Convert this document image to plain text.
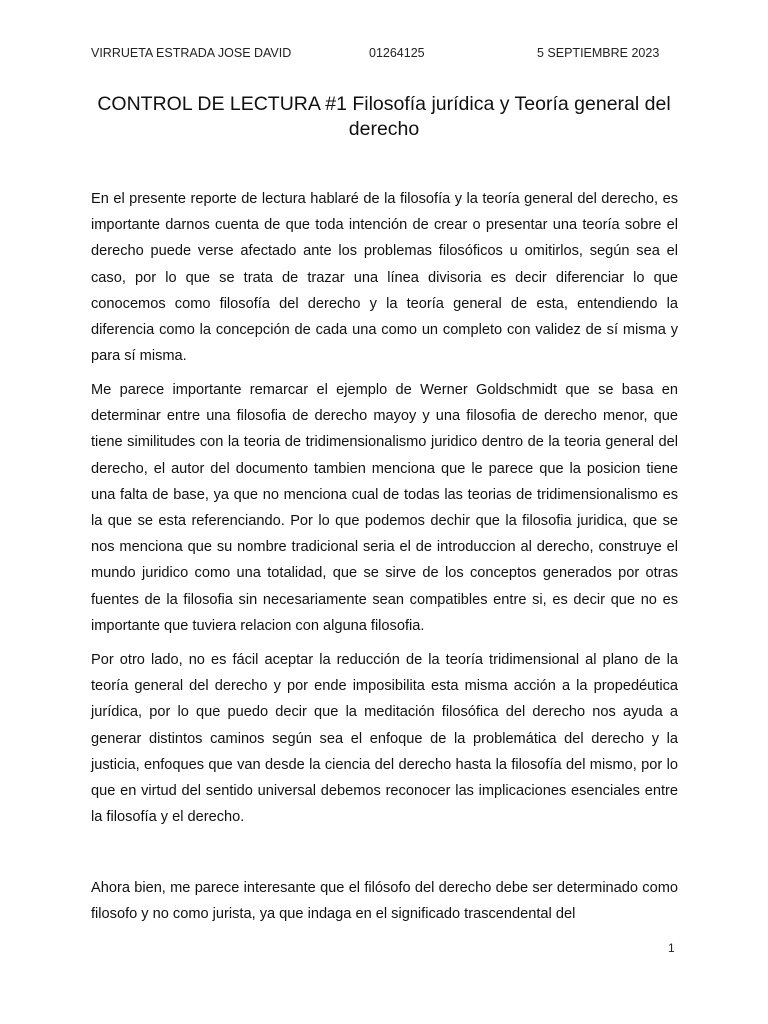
VIRRUETA ESTRADA JOSE DAVID	01264125	5 SEPTIEMBRE 2023
CONTROL DE LECTURA #1 Filosofía jurídica y Teoría general del derecho

En el presente reporte de lectura hablaré de la filosofía y la teoría general del derecho, es importante darnos cuenta de que toda intención de crear o presentar una teoría sobre el derecho puede verse afectado ante los problemas filosóficos u omitirlos, según sea el caso, por lo que se trata de trazar una línea divisoria es decir diferenciar lo que conocemos como filosofía del derecho y la teoría general de esta, entendiendo la diferencia como la concepción de cada una como un completo con validez de sí misma y para sí misma.

Me parece importante remarcar el ejemplo de Werner Goldschmidt que se basa en determinar entre una filosofia de derecho mayoy y una filosofia de derecho menor, que tiene similitudes con la teoria de tridimensionalismo juridico dentro de la teoria general del derecho, el autor del documento tambien menciona que le parece que la posicion tiene una falta de base, ya que no menciona cual de todas las teorias de tridimensionalismo es la que se esta referenciando. Por lo que podemos dechir que la filosofia juridica, que se nos menciona que su nombre tradicional seria el de introduccion al derecho, construye el mundo juridico como una totalidad, que se sirve de los conceptos generados por otras fuentes de la filosofia sin necesariamente sean compatibles entre si, es decir que no es importante que tuviera relacion con alguna filosofia.

Por otro lado, no es fácil aceptar la reducción de la teoría tridimensional al plano de la teoría general del derecho y por ende imposibilita esta misma acción a la propedéutica jurídica, por lo que puedo decir que la meditación filosófica del derecho nos ayuda a generar distintos caminos según sea el enfoque de la problemática del derecho y la justicia, enfoques que van desde la ciencia del derecho hasta la filosofía del mismo, por lo que en virtud del sentido universal debemos reconocer las implicaciones esenciales entre la filosofía y el derecho.

Ahora bien, me parece interesante que el filósofo del derecho debe ser determinado como filosofo y no como jurista, ya que indaga en el significado trascendental del

1
